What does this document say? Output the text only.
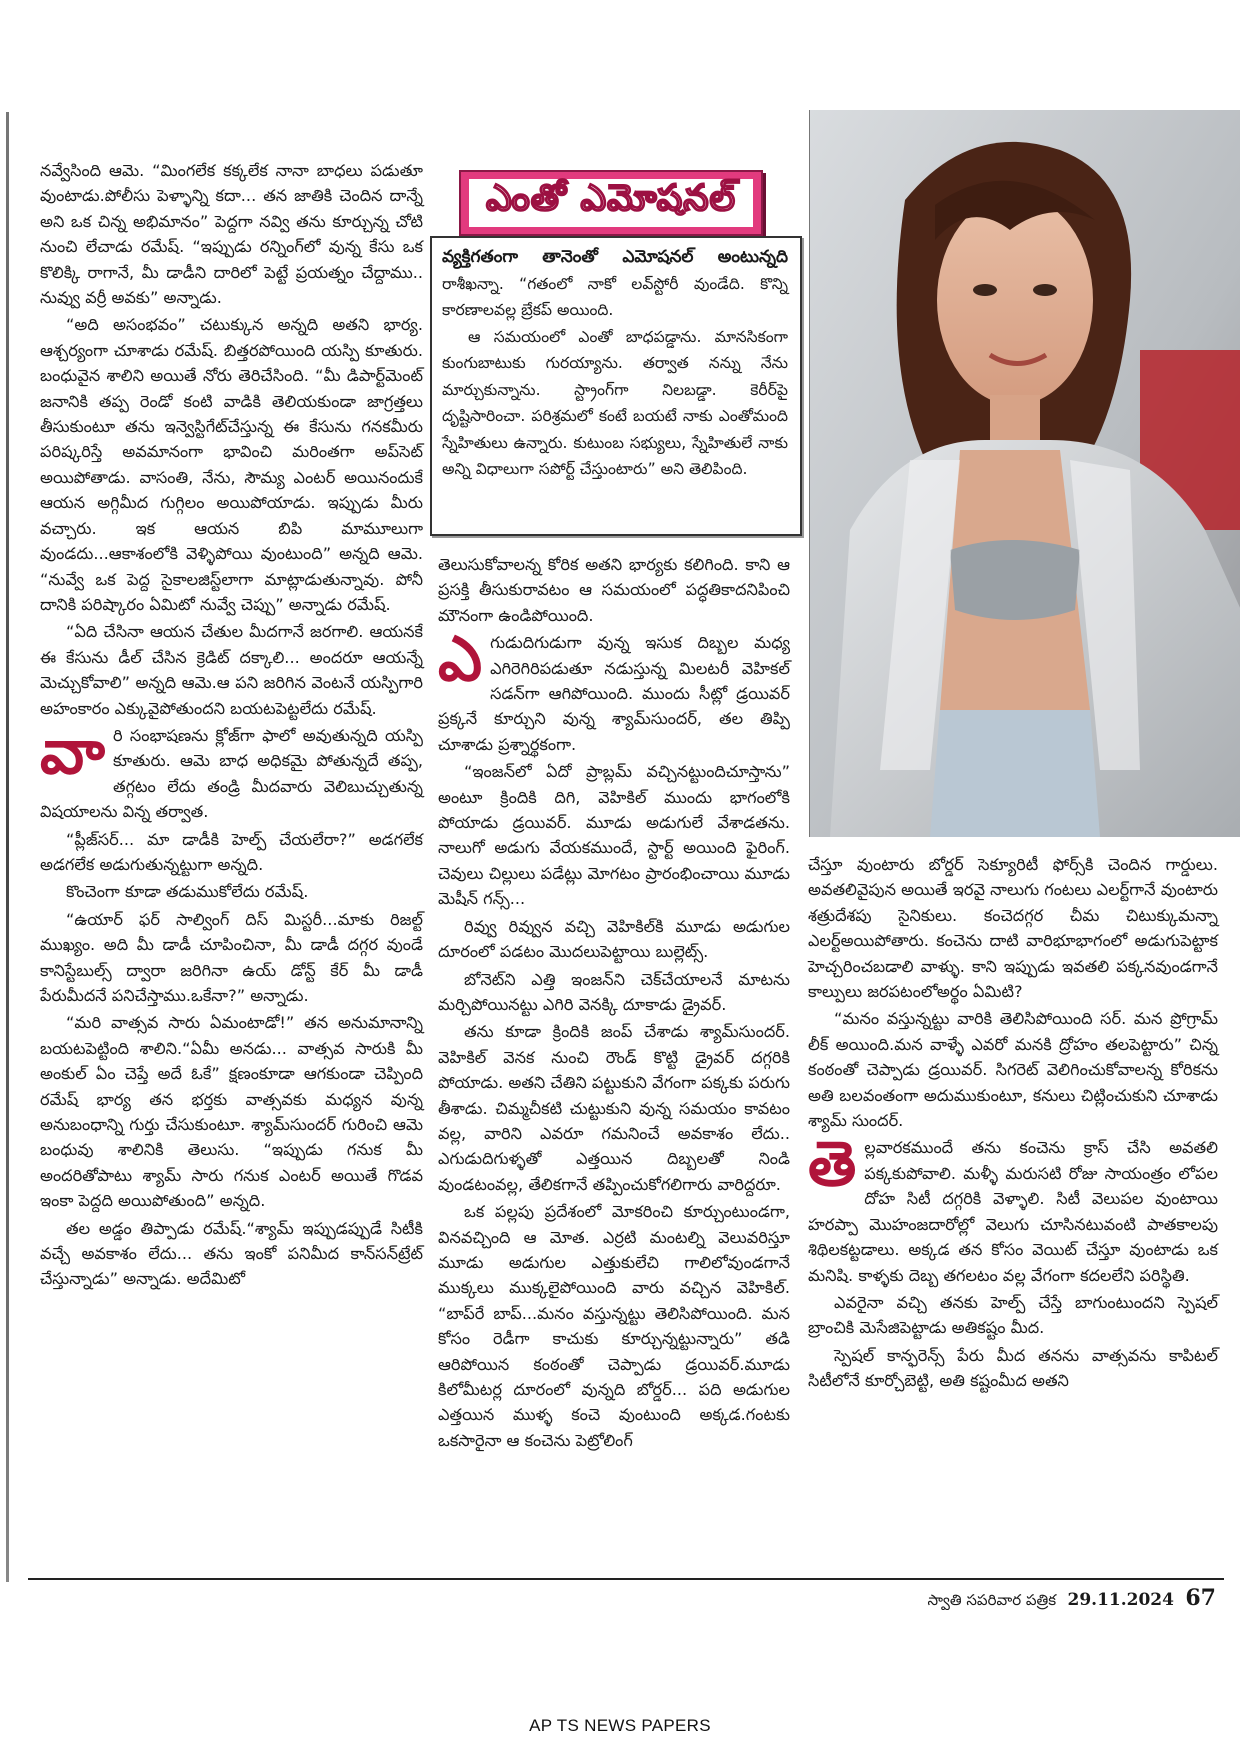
నవ్వేసింది ఆమె. “మింగలేక కక్కలేక నానా బాధలు పడుతూ వుంటాడు.పోలీసు పెళ్ళాన్ని కదా... తన జాతికి చెందిన దాన్నే అని ఒక చిన్న అభిమానం” పెద్దగా నవ్వి తను కూర్చున్న చోటి నుంచి లేచాడు రమేష్. “ఇప్పుడు రన్నింగ్‌లో వున్న కేసు ఒక కొలిక్కి రాగానే, మీ డాడీని దారిలో పెట్టే ప్రయత్నం చేద్దాము.. నువ్వు వర్రీ అవకు” అన్నాడు.

“అది అసంభవం” చటుక్కున అన్నది అతని భార్య. ఆశ్చర్యంగా చూశాడు రమేష్. బిత్తరపోయింది యస్పి కూతురు. బంధువైన శాలిని అయితే నోరు తెరిచేసింది. “మీ డిపార్ట్‌మెంట్ జనానికి తప్ప రెండో కంటి వాడికి తెలియకుండా జాగ్రత్తలు తీసుకుంటూ తను ఇన్వెస్టిగేట్‌చేస్తున్న ఈ కేసును గనకమీరు పరిష్కరిస్తే అవమానంగా భావించి మరింతగా అప్‌సెట్ అయిపోతాడు. వాసంతి, నేను, సౌమ్య ఎంటర్ అయినందుకే ఆయన అగ్గిమీద గుగ్గిలం అయిపోయాడు. ఇప్పుడు మీరు వచ్చారు. ఇక ఆయన బిపి మామూలుగా వుండదు...ఆకాశంలోకి వెళ్ళిపోయి వుంటుంది” అన్నది ఆమె. “నువ్వే ఒక పెద్ద సైకాలజిస్ట్‌లాగా మాట్లాడుతున్నావు. పోనీ దానికి పరిష్కారం ఏమిటో నువ్వే చెప్పు” అన్నాడు రమేష్.

“ఏది చేసినా ఆయన చేతుల మీదగానే జరగాలి. ఆయనకే ఈ కేసును డీల్ చేసిన క్రెడిట్ దక్కాలి... అందరూ ఆయన్నే మెచ్చుకోవాలి” అన్నది ఆమె.ఆ పని జరిగిన వెంటనే యస్పిగారి అహంకారం ఎక్కువైపోతుందని బయటపెట్టలేదు రమేష్.

వారి సంభాషణను క్లోజ్‌గా ఫాలో అవుతున్నది యస్పి కూతురు. ఆమె బాధ అధికమై పోతున్నదే తప్ప, తగ్గటం లేదు తండ్రి మీదవారు వెలిబుచ్చుతున్న విషయాలను విన్న తర్వాత.

“ప్లీజ్‌సర్... మా డాడీకి హెల్ప్ చేయలేరా?” అడగలేక అడగలేక అడుగుతున్నట్టుగా అన్నది.

కొంచెంగా కూడా తడుముకోలేదు రమేష్.

“ఉయార్ ఫర్ సాల్వింగ్ దిస్ మిస్టరీ...మాకు రిజల్ట్ ముఖ్యం. అది మీ డాడీ చూపించినా, మీ డాడీ దగ్గర వుండే కానిస్టేబుల్స్ ద్వారా జరిగినా ఉయ్ డోన్ట్ కేర్ మీ డాడీ పేరుమీదనే పనిచేస్తాము.ఒకేనా?” అన్నాడు.

“మరి వాత్సవ సారు ఏమంటాడో!” తన అనుమానాన్ని బయటపెట్టింది శాలిని.“ఏమీ అనడు... వాత్సవ సారుకి మీ అంకుల్ ఏం చెప్తే అదే ఓకే” క్షణంకూడా ఆగకుండా చెప్పింది రమేష్ భార్య తన భర్తకు వాత్సవకు మధ్యన వున్న అనుబంధాన్ని గుర్తు చేసుకుంటూ. శ్యామ్‌సుందర్ గురించి ఆమె బంధువు శాలినికి తెలుసు. “ఇప్పుడు గనుక మీ అందరితోపాటు శ్యామ్ సారు గనుక ఎంటర్ అయితే గొడవ ఇంకా పెద్దది అయిపోతుంది” అన్నది.

తల అడ్డం తిప్పాడు రమేష్.“శ్యామ్ ఇప్పుడప్పుడే సిటీకి వచ్చే అవకాశం లేదు... తను ఇంకో పనిమీద కాన్‌సన్‌ట్రేట్ చేస్తున్నాడు” అన్నాడు. అదేమిటో

ఎంతో ఎమోషనల్

వ్యక్తిగతంగా తానెంతో ఎమోషనల్ అంటున్నది రాశీఖన్నా. “గతంలో నాకో లవ్‌స్టోరీ వుండేది. కొన్ని కారణాలవల్ల బ్రేకప్ అయింది.

ఆ సమయంలో ఎంతో బాధపడ్డాను. మానసికంగా కుంగుబాటుకు గురయ్యాను. తర్వాత నన్ను నేను మార్చుకున్నాను. స్ట్రాంగ్‌గా నిలబడ్డా. కెరీర్‌పై దృష్టిసారించా. పరిశ్రమలో కంటే బయటే నాకు ఎంతోమంది స్నేహితులు ఉన్నారు. కుటుంబ సభ్యులు, స్నేహితులే నాకు అన్ని విధాలుగా సపోర్ట్ చేస్తుంటారు” అని తెలిపింది.

తెలుసుకోవాలన్న కోరిక అతని భార్యకు కలిగింది. కాని ఆ ప్రసక్తి తీసుకురావటం ఆ సమయంలో పద్ధతికాదనిపించి మౌనంగా ఉండిపోయింది.

ఎగుడుదిగుడుగా వున్న ఇసుక దిబ్బల మధ్య ఎగిరెగిరిపడుతూ నడుస్తున్న మిలటరీ వెహికల్ సడన్‌గా ఆగిపోయింది. ముందు సీట్లో డ్రయివర్ ప్రక్కనే కూర్చుని వున్న శ్యామ్‌సుందర్, తల తిప్పి చూశాడు ప్రశ్నార్థకంగా.

“ఇంజన్‌లో ఏదో ప్రాబ్లమ్ వచ్చినట్టుందిచూస్తాను” అంటూ క్రిందికి దిగి, వెహికిల్ ముందు భాగంలోకి పోయాడు డ్రయివర్. మూడు అడుగులే వేశాడతను. నాలుగో అడుగు వేయకముందే, స్టార్ట్ అయింది ఫైరింగ్. చెవులు చిల్లులు పడేట్లు మోగటం ప్రారంభించాయి మూడు మెషీన్ గన్స్...

రివ్వు రివ్వున వచ్చి వెహికిల్‌కి మూడు అడుగుల దూరంలో పడటం మొదలుపెట్టాయి బుల్లెట్స్.

బోనెట్‌ని ఎత్తి ఇంజన్‌ని చెక్‌చేయాలనే మాటను మర్చిపోయినట్టు ఎగిరి వెనక్కి దూకాడు డ్రైవర్.

తను కూడా క్రిందికి జంప్ చేశాడు శ్యామ్‌సుందర్. వెహికిల్ వెనక నుంచి రౌండ్ కొట్టి డ్రైవర్ దగ్గరికి పోయాడు. అతని చేతిని పట్టుకుని వేగంగా పక్కకు పరుగు తీశాడు. చిమ్మచీకటి చుట్టుకుని వున్న సమయం కావటం వల్ల, వారిని ఎవరూ గమనించే అవకాశం లేదు.. ఎగుడుదిగుళ్ళతో ఎత్తయిన దిబ్బలతో నిండి వుండటంవల్ల, తేలికగానే తప్పించుకోగలిగారు వారిద్దరూ.

ఒక పల్లపు ప్రదేశంలో మోకరించి కూర్చుంటుండగా, వినవచ్చింది ఆ మోత. ఎర్రటి మంటల్ని వెలువరిస్తూ మూడు అడుగుల ఎత్తుకులేచి గాలిలోవుండగానే ముక్కలు ముక్కలైపోయింది వారు వచ్చిన వెహికిల్. “బాప్‌రే బాప్...మనం వస్తున్నట్టు తెలిసిపోయింది. మన కోసం రెడీగా కాచుకు కూర్చున్నట్టున్నారు” తడి ఆరిపోయిన కంఠంతో చెప్పాడు డ్రయివర్.మూడు కిలోమీటర్ల దూరంలో వున్నది బోర్డర్... పది అడుగుల ఎత్తయిన ముళ్ళ కంచె వుంటుంది అక్కడ.గంటకు ఒకసారైనా ఆ కంచెను పెట్రోలింగ్

చేస్తూ వుంటారు బోర్డర్ సెక్యూరిటీ ఫోర్స్‌కి చెందిన గార్డులు. అవతలివైపున అయితే ఇరవై నాలుగు గంటలు ఎలర్ట్‌గానే వుంటారు శత్రుదేశపు సైనికులు. కంచెదగ్గర చీమ చిటుక్కుమన్నా ఎలర్ట్‌అయిపోతారు. కంచెను దాటి వారిభూభాగంలో అడుగుపెట్టాక హెచ్చరించబడాలి వాళ్ళు. కాని ఇప్పుడు ఇవతలి పక్కనవుండగానే కాల్పులు జరపటంలోఅర్థం ఏమిటి?

“మనం వస్తున్నట్టు వారికి తెలిసిపోయింది సర్. మన ప్రోగ్రామ్ లీక్ అయింది.మన వాళ్ళే ఎవరో మనకి ద్రోహం తలపెట్టారు” చిన్న కంఠంతో చెప్పాడు డ్రయివర్. సిగరెట్ వెలిగించుకోవాలన్న కోరికను అతి బలవంతంగా అదుముకుంటూ, కనులు చిట్లించుకుని చూశాడు శ్యామ్ సుందర్.

తెల్లవారకముందే తను కంచెను క్రాస్ చేసి అవతలి పక్కకుపోవాలి. మళ్ళీ మరుసటి రోజు సాయంత్రం లోపల దోహ సిటీ దగ్గరికి వెళ్ళాలి. సిటీ వెలుపల వుంటాయి హరప్పా మొహంజదారోల్లో వెలుగు చూసినటువంటి పాతకాలపు శిథిలకట్టడాలు. అక్కడ తన కోసం వెయిట్ చేస్తూ వుంటాడు ఒక మనిషి. కాళ్ళకు దెబ్బ తగలటం వల్ల వేగంగా కదలలేని పరిస్థితి.

ఎవరైనా వచ్చి తనకు హెల్ప్ చేస్తే బాగుంటుందని స్పెషల్ బ్రాంచికి మెసేజిపెట్టాడు అతికష్టం మీద.

స్పెషల్ కాన్ఫరెన్స్ పేరు మీద తనను వాత్సవను కాపిటల్ సిటీలోనే కూర్చోబెట్టి, అతి కష్టంమీద అతని

స్వాతి సపరివార పత్రిక 29.11.2024 67
AP TS NEWS PAPERS
